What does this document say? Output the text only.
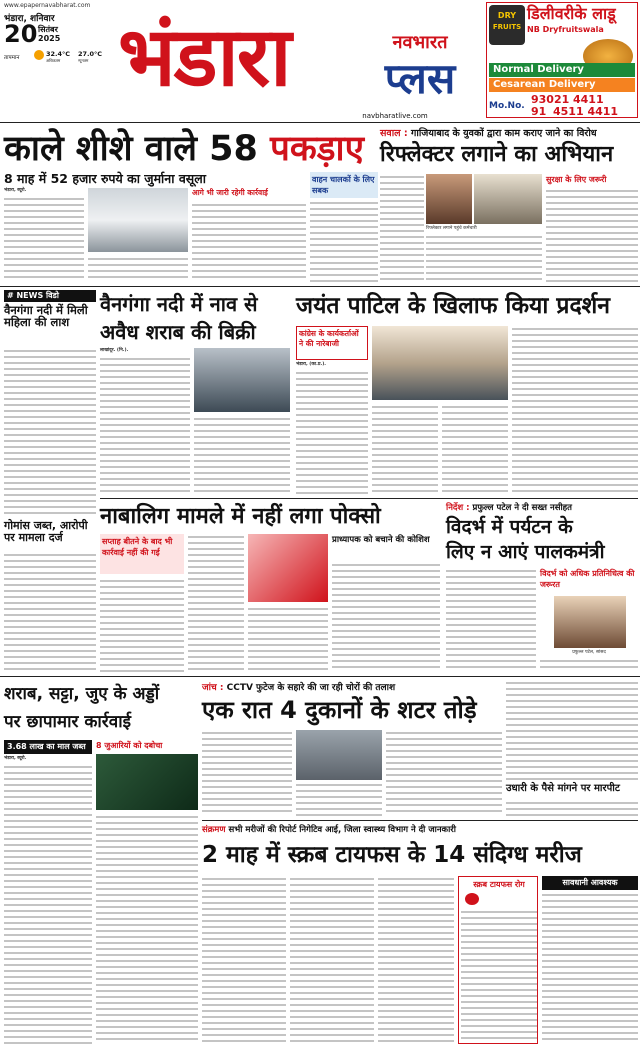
www.epapernavabharat.com
भंडारा, शनिवार
20 सितंबर
2025
तापमान	32.4°C
अधिकतम
27.0°C
न्यूनतम भंडारा	नवभारत
प्लस
navbharatlive.com
DRY
FRUITS
डिलीवरीके लाडू
NB Dryfruitswala
Normal Delivery
Cesarean Delivery
Mo.No. 93021 4411
91 4511 4411
काले शीशे वाले 58 पकड़ाए
8 माह में 52 हजार रुपये का जुर्माना वसूला
भंडारा, ब्यूरो.	आगे भी जारी रहेगी कार्रवाई
वाहन चालकों के लिए सबक
सवाल : गाजियाबाद के युवकों द्वारा काम कराए जाने का विरोध
रिफ्लेक्टर लगाने का अभियान
सुरक्षा के लिए जरूरी
रिफ्लेक्टर लगाने पहुंचे कर्मचारी
# NEWS विडो
वैनगंगा नदी में मिली महिला की लाश
गोमांस जब्त, आरोपी पर मामला दर्ज
वैनगंगा नदी में नाव से
अवैध शराब की बिक्री
लाखांदूर. (नि.).
जयंत पाटिल के खिलाफ किया प्रदर्शन
कांग्रेस के कार्यकर्ताओं ने की नारेबाजी
भंडारा, (का.प्र.).
नाबालिग मामले में नहीं लगा पोक्सो
सप्ताह बीतने के बाद भी कार्रवाई नहीं की गई
प्राध्यापक को बचाने की कोशिश
निर्देश : प्रफुल्ल पटेल ने दी सख्त नसीहत
विदर्भ में पर्यटन के
लिए न आएं पालकमंत्री
विदर्भ को अधिक प्रतिनिधित्व की जरूरत
प्रफुल्ल पटेल, सांसद
शराब, सट्टा, जुए के अड्डों
पर छापामार कार्रवाई
3.68 लाख का माल जब्त
भंडारा, ब्यूरो.
8 जुआरियों को दबोचा
जांच : CCTV फुटेज के सहारे की जा रही चोरों की तलाश
एक रात 4 दुकानों के शटर तोड़े
उधारी के पैसे मांगने पर मारपीट
संक्रमण सभी मरीजों की रिपोर्ट निगेटिव आई, जिला स्वास्थ्य विभाग ने दी जानकारी
2 माह में स्क्रब टायफस के 14 संदिग्ध मरीज
स्क्रब टायफस रोग	सावधानी आवश्यक
